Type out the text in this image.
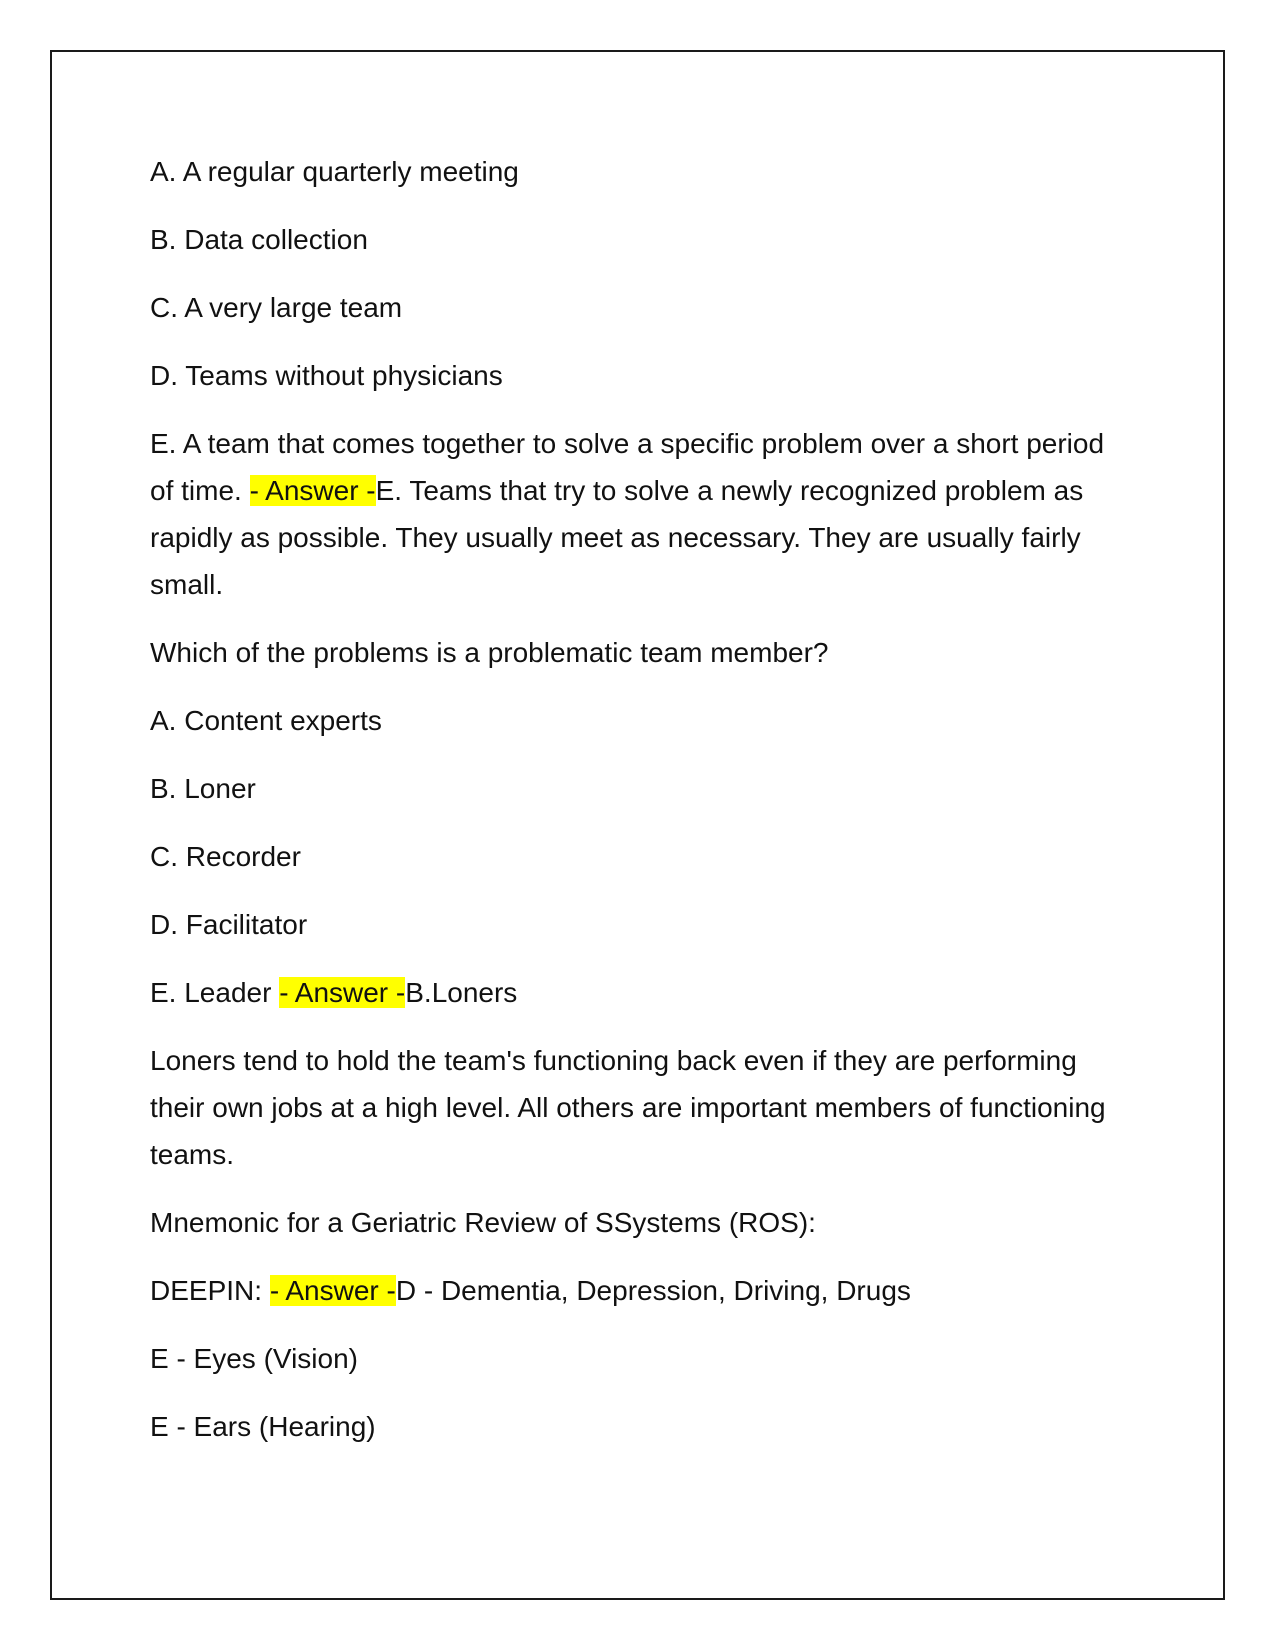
A. A regular quarterly meeting

B. Data collection

C. A very large team

D. Teams without physicians

E. A team that comes together to solve a specific problem over a short period of time. - Answer -E. Teams that try to solve a newly recognized problem as rapidly as possible. They usually meet as necessary. They are usually fairly small.

Which of the problems is a problematic team member?

A. Content experts

B. Loner

C. Recorder

D. Facilitator

E. Leader - Answer -B.Loners

Loners tend to hold the team's functioning back even if they are performing their own jobs at a high level. All others are important members of functioning teams.

Mnemonic for a Geriatric Review of SSystems (ROS):

DEEPIN: - Answer -D - Dementia, Depression, Driving, Drugs

E - Eyes (Vision)

E - Ears (Hearing)
